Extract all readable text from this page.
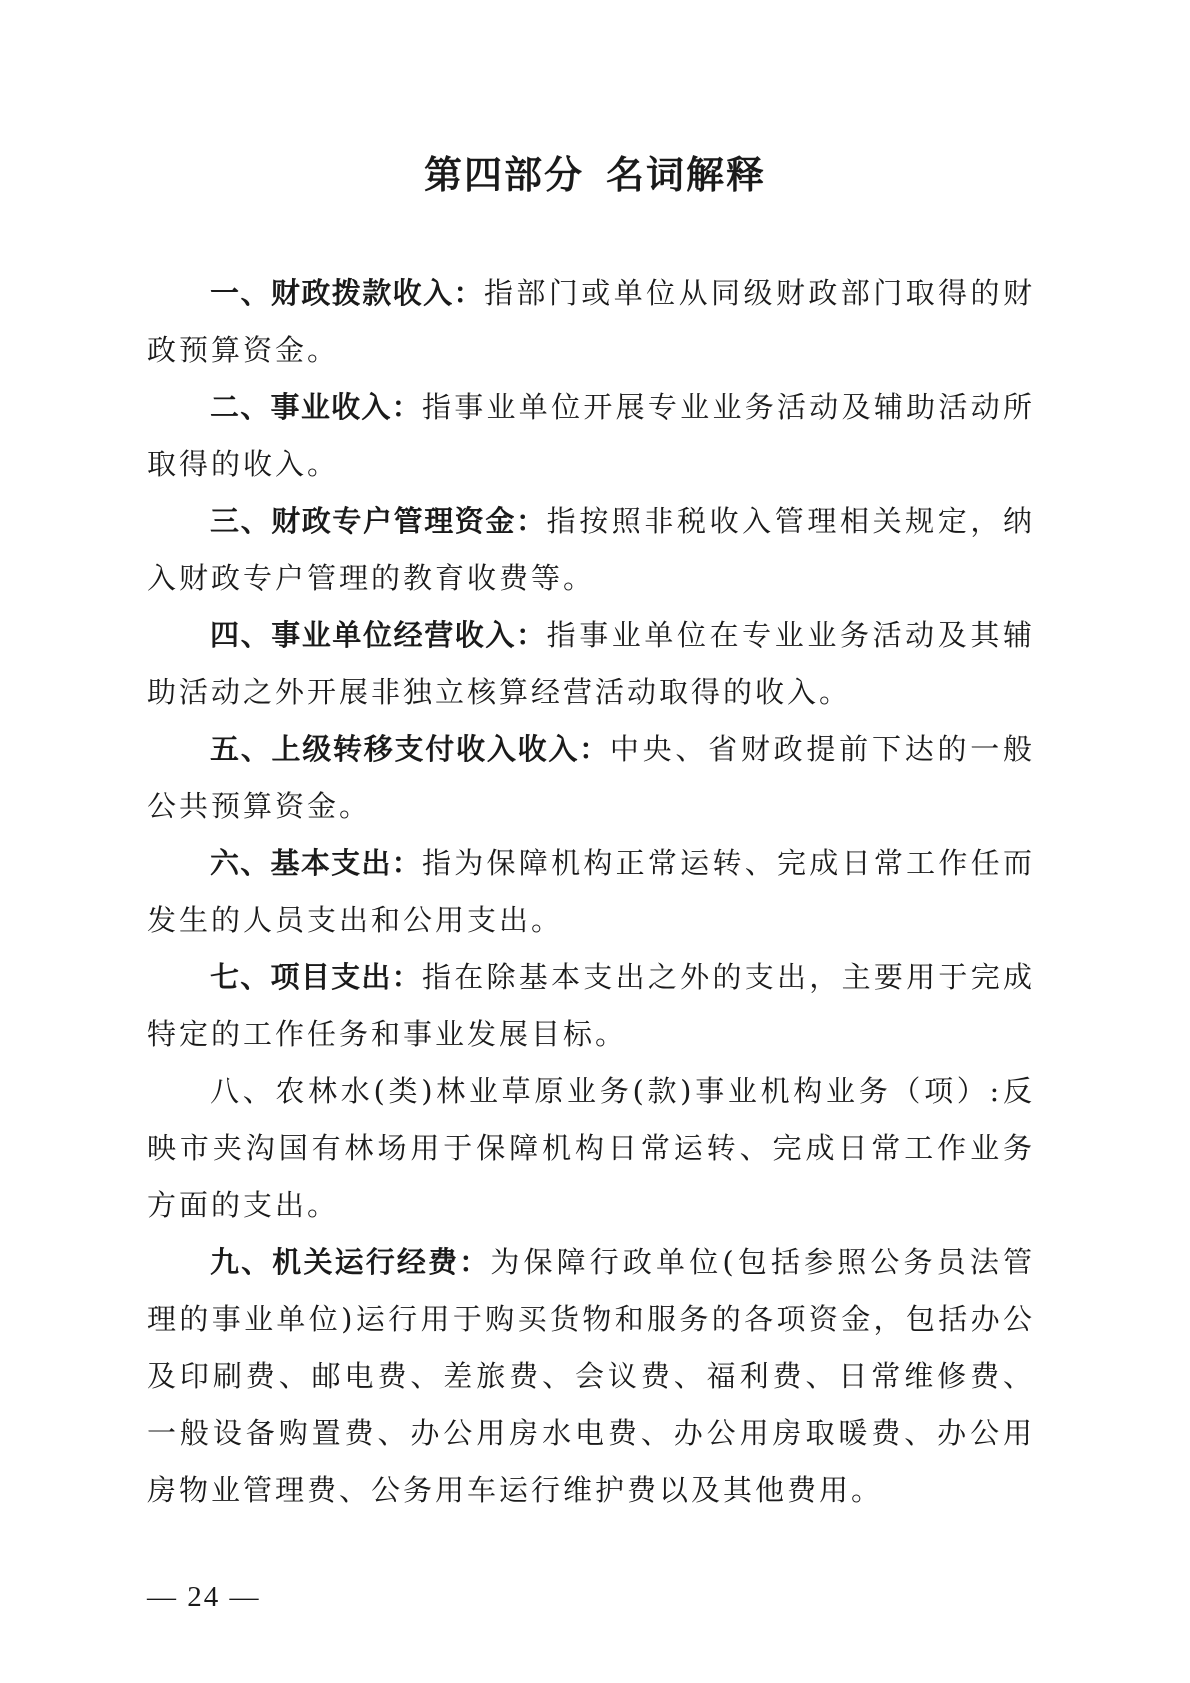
第四部分 名词解释

一、财政拨款收入：指部门或单位从同级财政部门取得的财政预算资金。

二、事业收入：指事业单位开展专业业务活动及辅助活动所取得的收入。

三、财政专户管理资金：指按照非税收入管理相关规定，纳入财政专户管理的教育收费等。

四、事业单位经营收入：指事业单位在专业业务活动及其辅助活动之外开展非独立核算经营活动取得的收入。

五、上级转移支付收入收入：中央、省财政提前下达的一般公共预算资金。

六、基本支出：指为保障机构正常运转、完成日常工作任而发生的人员支出和公用支出。

七、项目支出：指在除基本支出之外的支出，主要用于完成特定的工作任务和事业发展目标。

八、农林水(类)林业草原业务(款)事业机构业务（项）:反映市夹沟国有林场用于保障机构日常运转、完成日常工作业务方面的支出。

九、机关运行经费：为保障行政单位(包括参照公务员法管理的事业单位)运行用于购买货物和服务的各项资金，包括办公及印刷费、邮电费、差旅费、会议费、福利费、日常维修费、一般设备购置费、办公用房水电费、办公用房取暖费、办公用房物业管理费、公务用车运行维护费以及其他费用。

— 24 —
